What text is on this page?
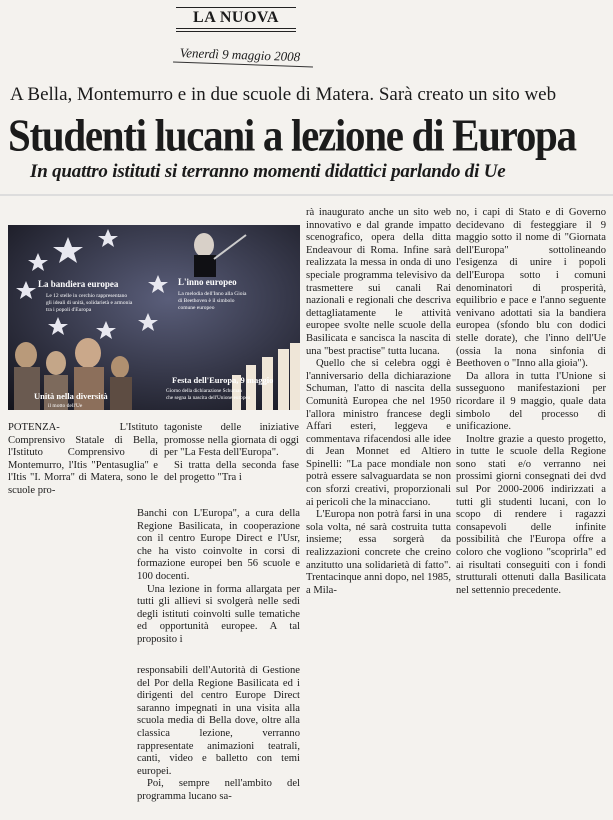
LA NUOVA
Venerdì 9 maggio 2008
A Bella, Montemurro e in due scuole di Matera. Sarà creato un sito web
Studenti lucani a lezione di Europa
In quattro istituti si terranno momenti didattici parlando di Ue
La bandiera europea
Le 12 stelle in cerchio rappresentano
gli ideali di unità, solidarietà e armonia
tra i popoli d'Europa
L'inno europeo
La melodia dell'Inno alla Gioia
di Beethoven è il simbolo
comune europeo
Unità nella diversità
il motto dell'Ue
Festa dell'Europa, 9 maggio
Giorno della dichiarazione Schuman
che segna la nascita dell'Unione europea

POTENZA- L'Istituto Comprensivo Statale di Bella, l'Istituto Comprensivo di Montemurro, l'Itis "Pentasuglia" e l'Itis "I. Morra" di Matera, sono le scuole pro-

tagoniste delle iniziative promosse nella giornata di oggi per "La Festa dell'Europa".

Si tratta della seconda fase del progetto "Tra i

Banchi con L'Europa", a cura della Regione Basilicata, in cooperazione con il centro Europe Direct e l'Usr, che ha visto coinvolte in corsi di formazione europei ben 56 scuole e 100 docenti.

Una lezione in forma allargata per tutti gli allievi si svolgerà nelle sedi degli istituti coinvolti sulle tematiche ed opportunità europee. A tal proposito i

responsabili dell'Autorità di Gestione del Por della Regione Basilicata ed i dirigenti del centro Europe Direct saranno impegnati in una visita alla scuola media di Bella dove, oltre alla classica lezione, verranno rappresentate animazioni teatrali, canti, video e balletto con temi europei.

Poi, sempre nell'ambito del programma lucano sa-

rà inaugurato anche un sito web innovativo e dal grande impatto scenografico, opera della ditta Endeavour di Roma. Infine sarà realizzata la messa in onda di uno speciale programma televisivo da trasmettere sui canali Rai nazionali e regionali che descriva dettagliatamente le attività europee svolte nelle scuole della Basilicata e sancisca la nascita di una "best practise" tutta lucana.

Quello che si celebra oggi è l'anniversario della dichiarazione Schuman, l'atto di nascita della Comunità Europea che nel 1950 l'allora ministro francese degli Affari esteri, leggeva e commentava rifacendosi alle idee di Jean Monnet ed Altiero Spinelli: "La pace mondiale non potrà essere salvaguardata se non con sforzi creativi, proporzionali ai pericoli che la minacciano.

L'Europa non potrà farsi in una sola volta, né sarà costruita tutta insieme; essa sorgerà da realizzazioni concrete che creino anzitutto una solidarietà di fatto". Trentacinque anni dopo, nel 1985, a Mila-

no, i capi di Stato e di Governo decidevano di festeggiare il 9 maggio sotto il nome di "Giornata dell'Europa" sottolineando l'esigenza di unire i popoli dell'Europa sotto i comuni denominatori di prosperità, equilibrio e pace e l'anno seguente venivano adottati sia la bandiera europea (sfondo blu con dodici stelle dorate), che l'inno dell'Ue (ossia la nona sinfonia di Beethoven o "Inno alla gioia").

Da allora in tutta l'Unione si susseguono manifestazioni per ricordare il 9 maggio, quale data simbolo del processo di unificazione.

Inoltre grazie a questo progetto, in tutte le scuole della Regione sono stati e/o verranno nei prossimi giorni consegnati dei dvd sul Por 2000-2006 indirizzati a tutti gli studenti lucani, con lo scopo di rendere i ragazzi consapevoli delle infinite possibilità che l'Europa offre a coloro che vogliono "scoprirla" ed ai risultati conseguiti con i fondi strutturali ottenuti dalla Basilicata nel settennio precedente.
